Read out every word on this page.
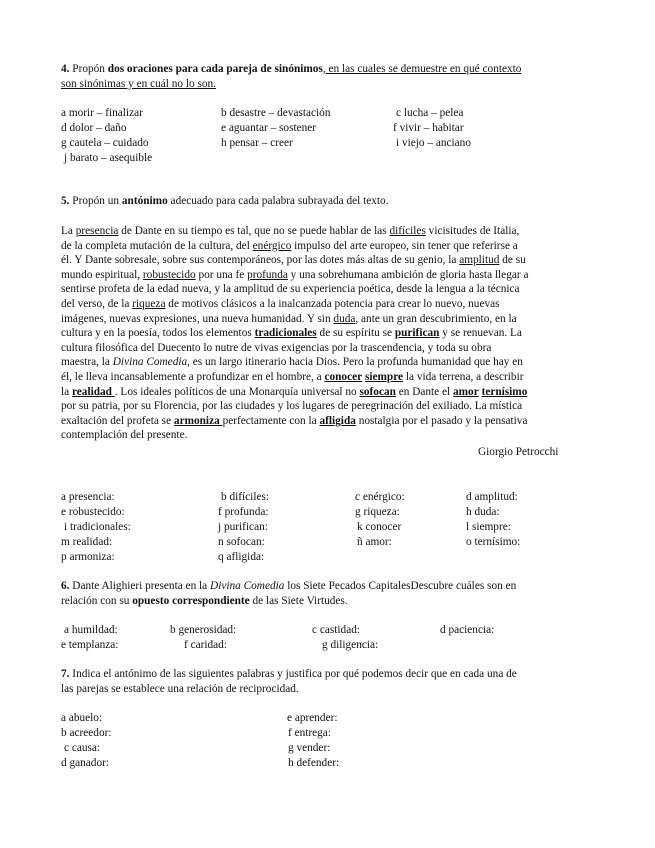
4. Propón dos oraciones para cada pareja de sinónimos, en las cuales se demuestre en qué contexto
son sinónimas y en cuál no lo son.
a morir – finalizar	b desastre – devastación	c lucha – pelea
d dolor – daño	e aguantar – sostener	f vivir – habitar
g cautela – cuidado	h pensar – creer	i viejo – anciano
j barato – asequible
5. Propón un antónimo adecuado para cada palabra subrayada del texto.
La presencia de Dante en su tiempo es tal, que no se puede hablar de las difíciles vicisitudes de Italia,
de la completa mutación de la cultura, del enérgico impulso del arte europeo, sin tener que referirse a
él. Y Dante sobresale, sobre sus contemporáneos, por las dotes más altas de su genio, la amplitud de su
mundo espiritual, robustecido por una fe profunda y una sobrehumana ambición de gloria hasta llegar a
sentirse profeta de la edad nueva, y la amplitud de su experiencia poética, desde la lengua a la técnica
del verso, de la riqueza de motivos clásicos a la inalcanzada potencia para crear lo nuevo, nuevas
imágenes, nuevas expresiones, una nueva humanidad. Y sin duda, ante un gran descubrimiento, en la
cultura y en la poesía, todos los elementos tradicionales de su espíritu se purifican y se renuevan. La
cultura filosófica del Duecento lo nutre de vivas exigencias por la trascendencia, y toda su obra
maestra, la Divina Comedia, es un largo itinerario hacia Dios. Pero la profunda humanidad que hay en
él, le lleva incansablemente a profundizar en el hombre, a conocer siempre la vida terrena, a describir
la realidad . Los ideales políticos de una Monarquía universal no sofocan en Dante el amor ternísimo
por su patria, por su Florencia, por las ciudades y los lugares de peregrinación del exiliado. La mística
exaltación del profeta se armoniza perfectamente con la afligida nostalgia por el pasado y la pensativa
contemplación del presente.
Giorgio Petrocchi
a presencia:	b difíciles:	c enérgico:	d amplitud:
e robustecido:	f profunda:	g riqueza:	h duda:
i tradicionales:	j purifican:	k conocer	l siempre:
m realidad:	n sofocan:	ñ amor:	o ternísimo:
p armoniza:	q afligida:
6. Dante Alighieri presenta en la Divina Comedia los Siete Pecados CapitalesDescubre cuáles son en
relación con su opuesto correspondiente de las Siete Virtudes.
a humildad:	b generosidad:	c castidad:	d paciencia:
e templanza:	f caridad:	g diligencia:
7. Indica el antónimo de las siguientes palabras y justifica por qué podemos decir que en cada una de
las parejas se establece una relación de reciprocidad.
a abuelo:	e aprender:
b acreedor:	f entrega:
c causa:	g vender:
d ganador:	h defender:
